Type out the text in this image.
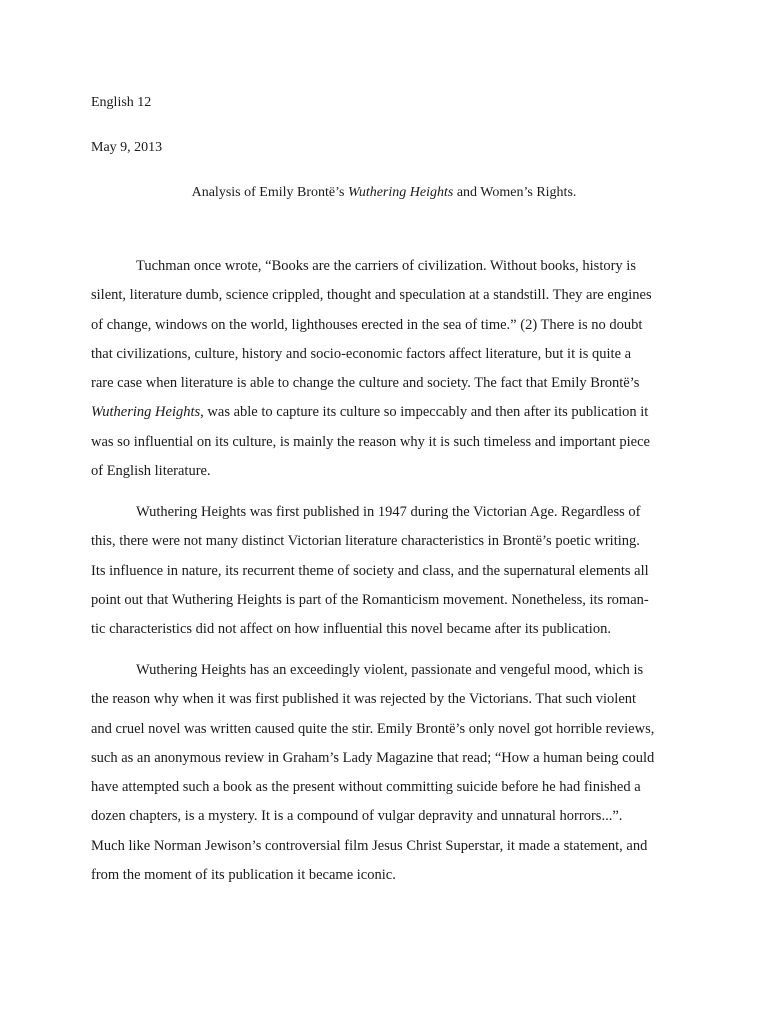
English 12

May 9, 2013

Analysis of Emily Brontë’s Wuthering Heights and Women’s Rights.

Tuchman once wrote, “Books are the carriers of civilization. Without books, history is
silent, literature dumb, science crippled, thought and speculation at a standstill. They are engines
of change, windows on the world, lighthouses erected in the sea of time.” (2) There is no doubt
that civilizations, culture, history and socio-economic factors affect literature, but it is quite a
rare case when literature is able to change the culture and society. The fact that Emily Brontë’s
Wuthering Heights, was able to capture its culture so impeccably and then after its publication it
was so influential on its culture, is mainly the reason why it is such timeless and important piece
of English literature.
Wuthering Heights was first published in 1947 during the Victorian Age. Regardless of
this, there were not many distinct Victorian literature characteristics in Brontë’s poetic writing.
Its influence in nature, its recurrent theme of society and class, and the supernatural elements all
point out that Wuthering Heights is part of the Romanticism movement. Nonetheless, its roman-
tic characteristics did not affect on how influential this novel became after its publication.
Wuthering Heights has an exceedingly violent, passionate and vengeful mood, which is
the reason why when it was first published it was rejected by the Victorians. That such violent
and cruel novel was written caused quite the stir. Emily Brontë’s only novel got horrible reviews,
such as an anonymous review in Graham’s Lady Magazine that read; “How a human being could
have attempted such a book as the present without committing suicide before he had finished a
dozen chapters, is a mystery. It is a compound of vulgar depravity and unnatural horrors...”.
Much like Norman Jewison’s controversial film Jesus Christ Superstar, it made a statement, and
from the moment of its publication it became iconic.
